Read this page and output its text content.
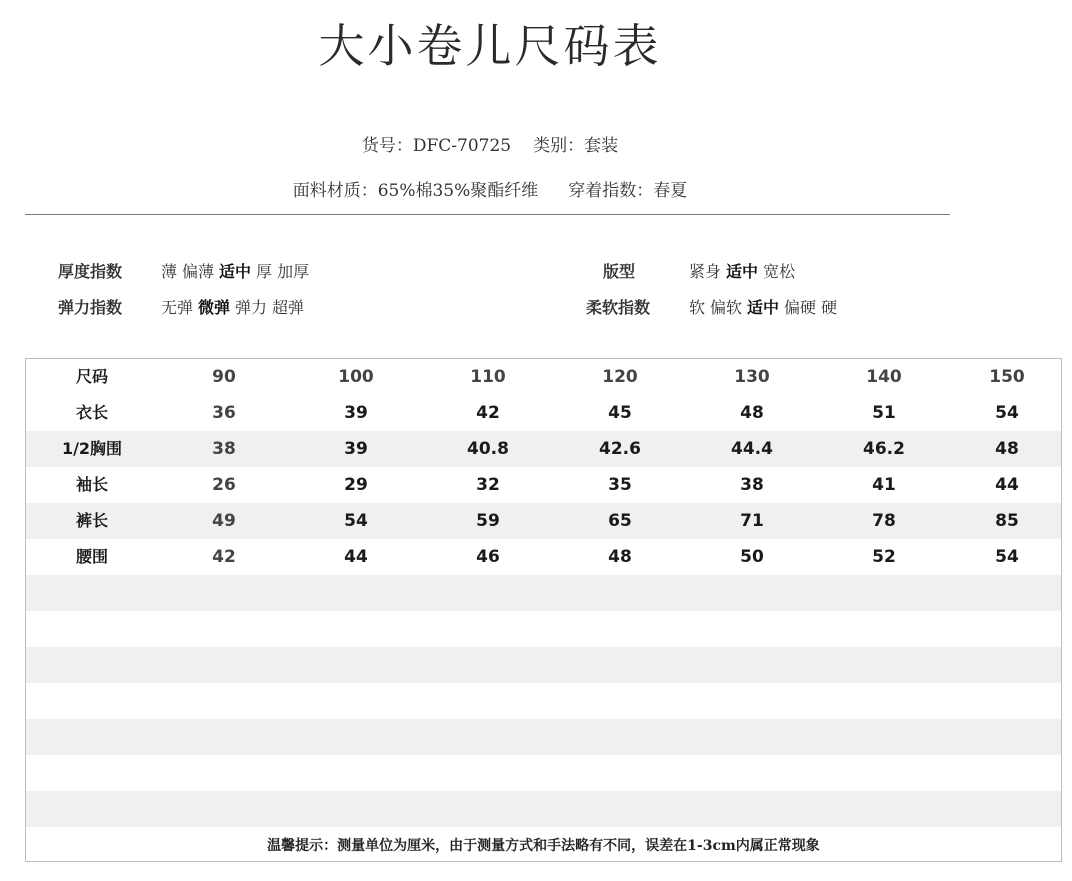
大小卷儿尺码表
货号：DFC-70725 类别：套装
面料材质：65%棉35%聚酯纤维 穿着指数：春夏
厚度指数 薄 偏薄 适中 厚 加厚
弹力指数 无弹 微弹 弹力 超弹
版型	紧身 适中 宽松
柔软指数 软 偏软 适中 偏硬 硬
温馨提示：测量单位为厘米，由于测量方式和手法略有不同，误差在1-3cm内属正常现象
尺码	90	100	110	120	130	140	150
衣长	36	39	42	45	48	51	54
1/2胸围	38	39	40.8	42.6	44.4	46.2	48
袖长	26	29	32	35	38	41	44
裤长	49	54	59	65	71	78	85
腰围	42	44	46	48	50	52	54
